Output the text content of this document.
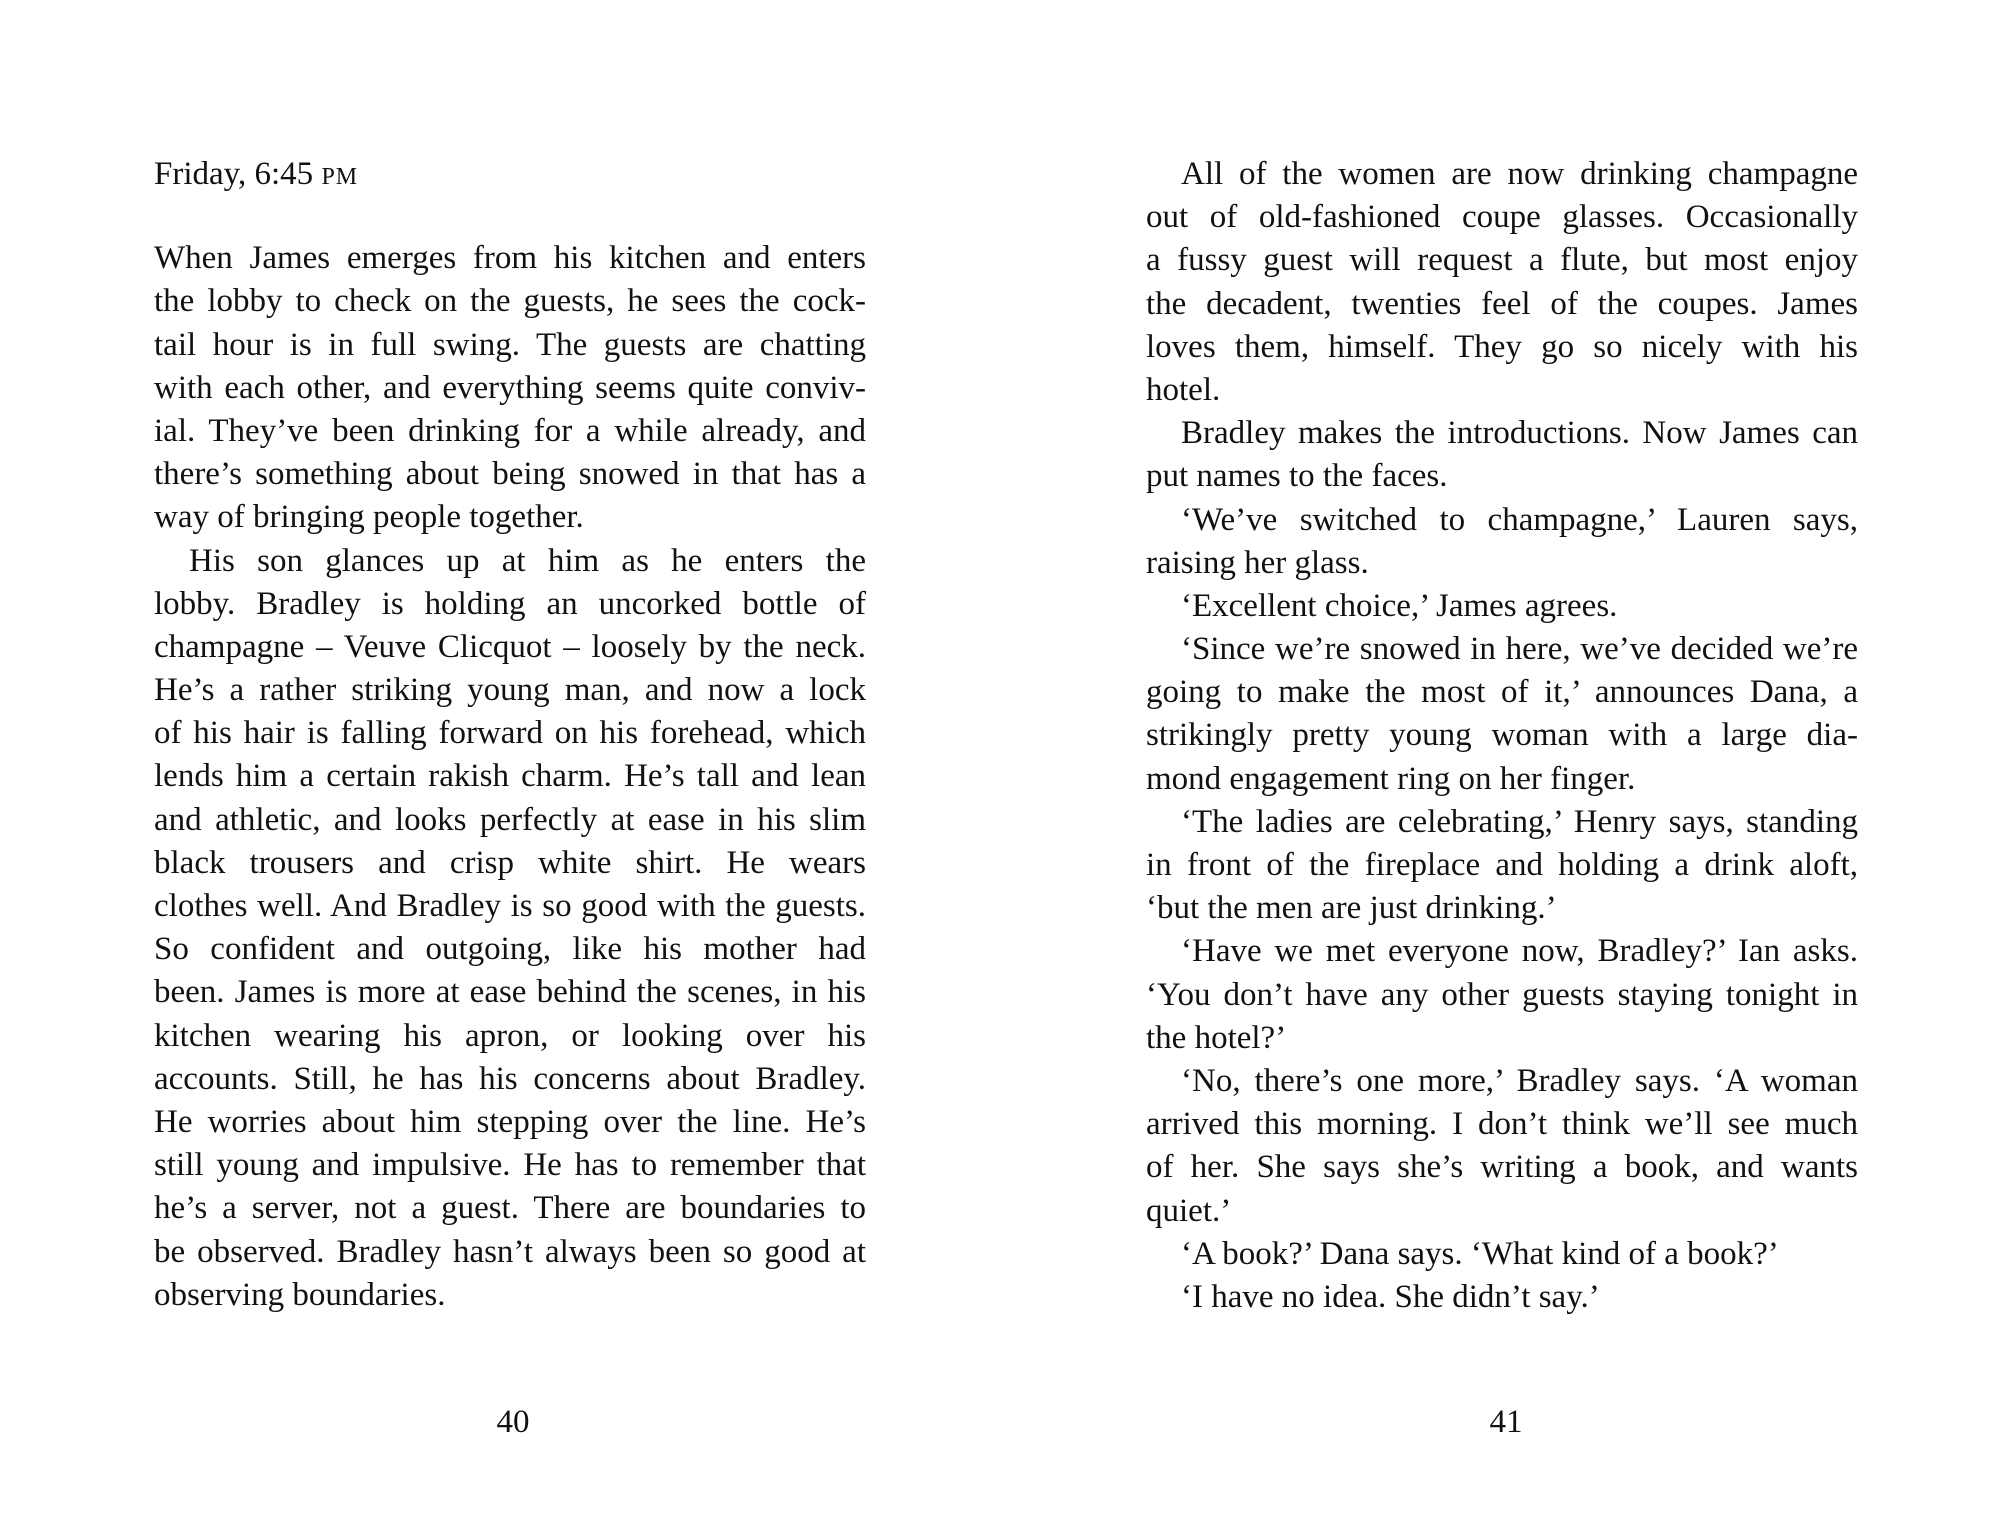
Friday, 6:45 PM
When James emerges from his kitchen and enters
the lobby to check on the guests, he sees the cock-
tail hour is in full swing. The guests are chatting
with each other, and everything seems quite conviv-
ial. They’ve been drinking for a while already, and
there’s something about being snowed in that has a
way of bringing people together.
His son glances up at him as he enters the
lobby. Bradley is holding an uncorked bottle of
champagne – Veuve Clicquot – loosely by the neck.
He’s a rather striking young man, and now a lock
of his hair is falling forward on his forehead, which
lends him a certain rakish charm. He’s tall and lean
and athletic, and looks perfectly at ease in his slim
black trousers and crisp white shirt. He wears
clothes well. And Bradley is so good with the guests.
So confident and outgoing, like his mother had
been. James is more at ease behind the scenes, in his
kitchen wearing his apron, or looking over his
accounts. Still, he has his concerns about Bradley.
He worries about him stepping over the line. He’s
still young and impulsive. He has to remember that
he’s a server, not a guest. There are boundaries to
be observed. Bradley hasn’t always been so good at
observing boundaries.
40
All of the women are now drinking champagne
out of old-fashioned coupe glasses. Occasionally
a fussy guest will request a flute, but most enjoy
the decadent, twenties feel of the coupes. James
loves them, himself. They go so nicely with his
hotel.
Bradley makes the introductions. Now James can
put names to the faces.
‘We’ve switched to champagne,’ Lauren says,
raising her glass.
‘Excellent choice,’ James agrees.
‘Since we’re snowed in here, we’ve decided we’re
going to make the most of it,’ announces Dana, a
strikingly pretty young woman with a large dia-
mond engagement ring on her finger.
‘The ladies are celebrating,’ Henry says, standing
in front of the fireplace and holding a drink aloft,
‘but the men are just drinking.’
‘Have we met everyone now, Bradley?’ Ian asks.
‘You don’t have any other guests staying tonight in
the hotel?’
‘No, there’s one more,’ Bradley says. ‘A woman
arrived this morning. I don’t think we’ll see much
of her. She says she’s writing a book, and wants
quiet.’
‘A book?’ Dana says. ‘What kind of a book?’
‘I have no idea. She didn’t say.’
41
